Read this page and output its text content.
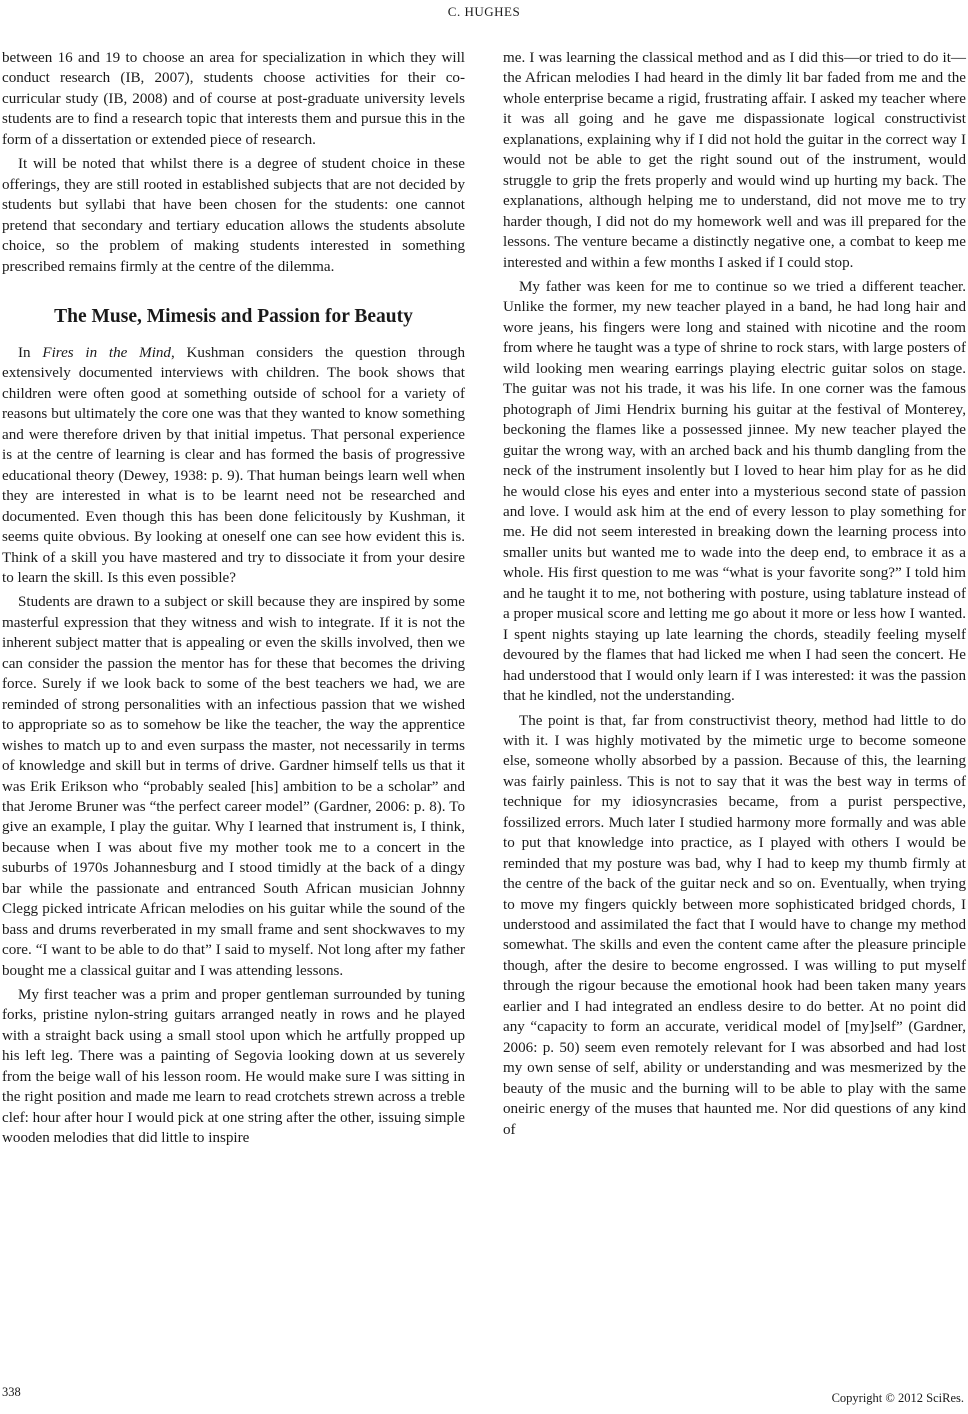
C. HUGHES

between 16 and 19 to choose an area for specialization in which they will conduct research (IB, 2007), students choose activities for their co-curricular study (IB, 2008) and of course at post-graduate university levels students are to find a research topic that interests them and pursue this in the form of a dissertation or extended piece of research.

It will be noted that whilst there is a degree of student choice in these offerings, they are still rooted in established subjects that are not decided by students but syllabi that have been chosen for the students: one cannot pretend that secondary and tertiary education allows the students absolute choice, so the problem of making students interested in something prescribed remains firmly at the centre of the dilemma.

The Muse, Mimesis and Passion for Beauty

In Fires in the Mind, Kushman considers the question through extensively documented interviews with children. The book shows that children were often good at something outside of school for a variety of reasons but ultimately the core one was that they wanted to know something and were therefore driven by that initial impetus. That personal experience is at the centre of learning is clear and has formed the basis of progressive educational theory (Dewey, 1938: p. 9). That human beings learn well when they are interested in what is to be learnt need not be researched and documented. Even though this has been done felicitously by Kushman, it seems quite obvious. By looking at oneself one can see how evident this is. Think of a skill you have mastered and try to dissociate it from your desire to learn the skill. Is this even possible?

Students are drawn to a subject or skill because they are inspired by some masterful expression that they witness and wish to integrate. If it is not the inherent subject matter that is appealing or even the skills involved, then we can consider the passion the mentor has for these that becomes the driving force. Surely if we look back to some of the best teachers we had, we are reminded of strong personalities with an infectious passion that we wished to appropriate so as to somehow be like the teacher, the way the apprentice wishes to match up to and even surpass the master, not necessarily in terms of knowledge and skill but in terms of drive. Gardner himself tells us that it was Erik Erikson who “probably sealed [his] ambition to be a scholar” and that Jerome Bruner was “the perfect career model” (Gardner, 2006: p. 8). To give an example, I play the guitar. Why I learned that instrument is, I think, because when I was about five my mother took me to a concert in the suburbs of 1970s Johannesburg and I stood timidly at the back of a dingy bar while the passionate and entranced South African musician Johnny Clegg picked intricate African melodies on his guitar while the sound of the bass and drums reverberated in my small frame and sent shockwaves to my core. “I want to be able to do that” I said to myself. Not long after my father bought me a classical guitar and I was attending lessons.

My first teacher was a prim and proper gentleman surrounded by tuning forks, pristine nylon-string guitars arranged neatly in rows and he played with a straight back using a small stool upon which he artfully propped up his left leg. There was a painting of Segovia looking down at us severely from the beige wall of his lesson room. He would make sure I was sitting in the right position and made me learn to read crotchets strewn across a treble clef: hour after hour I would pick at one string after the other, issuing simple wooden melodies that did little to inspire

me. I was learning the classical method and as I did this—or tried to do it—the African melodies I had heard in the dimly lit bar faded from me and the whole enterprise became a rigid, frustrating affair. I asked my teacher where it was all going and he gave me dispassionate logical constructivist explanations, explaining why if I did not hold the guitar in the correct way I would not be able to get the right sound out of the instrument, would struggle to grip the frets properly and would wind up hurting my back. The explanations, although helping me to understand, did not move me to try harder though, I did not do my homework well and was ill prepared for the lessons. The venture became a distinctly negative one, a combat to keep me interested and within a few months I asked if I could stop.

My father was keen for me to continue so we tried a different teacher. Unlike the former, my new teacher played in a band, he had long hair and wore jeans, his fingers were long and stained with nicotine and the room from where he taught was a type of shrine to rock stars, with large posters of wild looking men wearing earrings playing electric guitar solos on stage. The guitar was not his trade, it was his life. In one corner was the famous photograph of Jimi Hendrix burning his guitar at the festival of Monterey, beckoning the flames like a possessed jinnee. My new teacher played the guitar the wrong way, with an arched back and his thumb dangling from the neck of the instrument insolently but I loved to hear him play for as he did he would close his eyes and enter into a mysterious second state of passion and love. I would ask him at the end of every lesson to play something for me. He did not seem interested in breaking down the learning process into smaller units but wanted me to wade into the deep end, to embrace it as a whole. His first question to me was “what is your favorite song?” I told him and he taught it to me, not bothering with posture, using tablature instead of a proper musical score and letting me go about it more or less how I wanted. I spent nights staying up late learning the chords, steadily feeling myself devoured by the flames that had licked me when I had seen the concert. He had understood that I would only learn if I was interested: it was the passion that he kindled, not the understanding.

The point is that, far from constructivist theory, method had little to do with it. I was highly motivated by the mimetic urge to become someone else, someone wholly absorbed by a passion. Because of this, the learning was fairly painless. This is not to say that it was the best way in terms of technique for my idiosyncrasies became, from a purist perspective, fossilized errors. Much later I studied harmony more formally and was able to put that knowledge into practice, as I played with others I would be reminded that my posture was bad, why I had to keep my thumb firmly at the centre of the back of the guitar neck and so on. Eventually, when trying to move my fingers quickly between more sophisticated bridged chords, I understood and assimilated the fact that I would have to change my method somewhat. The skills and even the content came after the pleasure principle though, after the desire to become engrossed. I was willing to put myself through the rigour because the emotional hook had been taken many years earlier and I had integrated an endless desire to do better. At no point did any “capacity to form an accurate, veridical model of [my]self” (Gardner, 2006: p. 50) seem even remotely relevant for I was absorbed and had lost my own sense of self, ability or understanding and was mesmerized by the beauty of the music and the burning will to be able to play with the same oneiric energy of the muses that haunted me. Nor did questions of any kind of

338	Copyright © 2012 SciRes.
